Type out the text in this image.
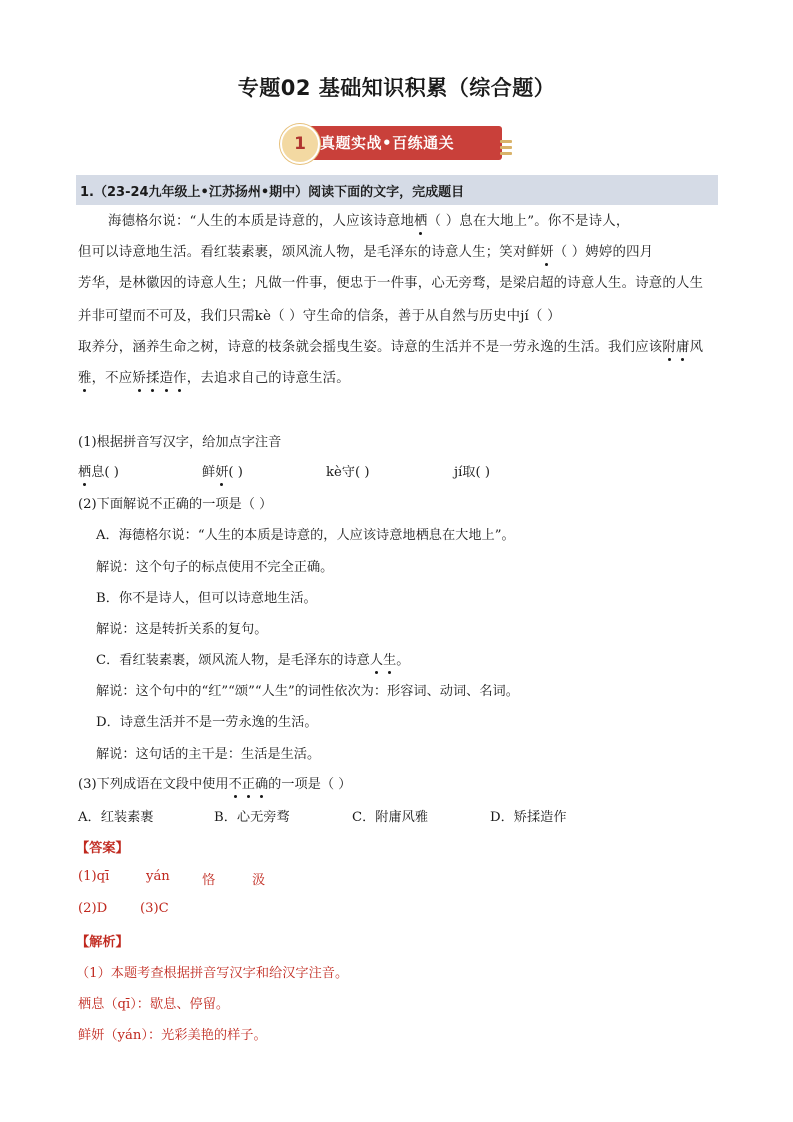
专题02 基础知识积累（综合题）
真题实战•百练通关
1
1.（23-24九年级上•江苏扬州•期中）阅读下面的文字，完成题目
海德格尔说：“人生的本质是诗意的，人应该诗意地栖（ ）息在大地上”。你不是诗人，
但可以诗意地生活。看红装素裹，颂风流人物，是毛泽东的诗意人生；笑对鲜妍（ ）娉婷的四月
芳华，是林徽因的诗意人生；凡做一件事，便忠于一件事，心无旁骛，是梁启超的诗意人生。诗意的人生
并非可望而不可及，我们只需kè（ ）守生命的信条，善于从自然与历史中jí（ ）
取养分，涵养生命之树，诗意的枝条就会摇曳生姿。诗意的生活并不是一劳永逸的生活。我们应该附庸风
雅，不应矫揉造作，去追求自己的诗意生活。
(1)根据拼音写汉字，给加点字注音
栖息( )	鲜妍( )	kè守( )	jí取( )
(2)下面解说不正确的一项是（ ）
A．海德格尔说：“人生的本质是诗意的，人应该诗意地栖息在大地上”。
解说：这个句子的标点使用不完全正确。
B．你不是诗人，但可以诗意地生活。
解说：这是转折关系的复句。
C．看红装素裹，颂风流人物，是毛泽东的诗意人生。
解说：这个句中的“红”“颂”“人生”的词性依次为：形容词、动词、名词。
D．诗意生活并不是一劳永逸的生活。
解说：这句话的主干是：生活是生活。
(3)下列成语在文段中使用不正确的一项是（ ）
A．红装素裹	B．心无旁骛	C．附庸风雅	D．矫揉造作
【答案】
(1)qī	yán 恪	汲
(2)D (3)C
【解析】
（1）本题考查根据拼音写汉字和给汉字注音。
栖息（qī）：歇息、停留。
鲜妍（yán）：光彩美艳的样子。
